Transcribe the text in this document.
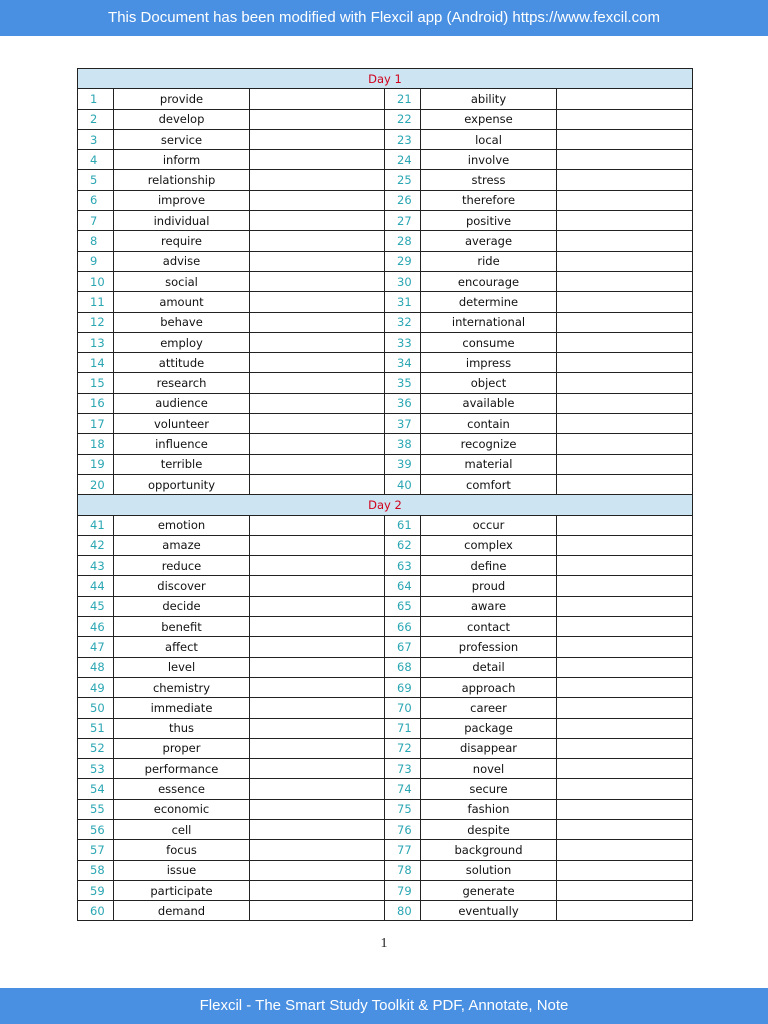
This Document has been modified with Flexcil app (Android) https://www.fexcil.com
Day 1					
1	provide		21	ability	
2	develop		22	expense	
3	service		23	local	
4	inform		24	involve	
5	relationship		25	stress	
6	improve		26	therefore	
7	individual		27	positive	
8	require		28	average	
9	advise		29	ride	
10	social		30	encourage	
11	amount		31	determine	
12	behave		32	international	
13	employ		33	consume	
14	attitude		34	impress	
15	research		35	object	
16	audience		36	available	
17	volunteer		37	contain	
18	influence		38	recognize	
19	terrible		39	material	
20	opportunity		40	comfort	
Day 2					
41	emotion		61	occur	
42	amaze		62	complex	
43	reduce		63	define	
44	discover		64	proud	
45	decide		65	aware	
46	benefit		66	contact	
47	affect		67	profession	
48	level		68	detail	
49	chemistry		69	approach	
50	immediate		70	career	
51	thus		71	package	
52	proper		72	disappear	
53	performance		73	novel	
54	essence		74	secure	
55	economic		75	fashion	
56	cell		76	despite	
57	focus		77	background	
58	issue		78	solution	
59	participate		79	generate	
60	demand		80	eventually	
1
Flexcil - The Smart Study Toolkit & PDF, Annotate, Note
